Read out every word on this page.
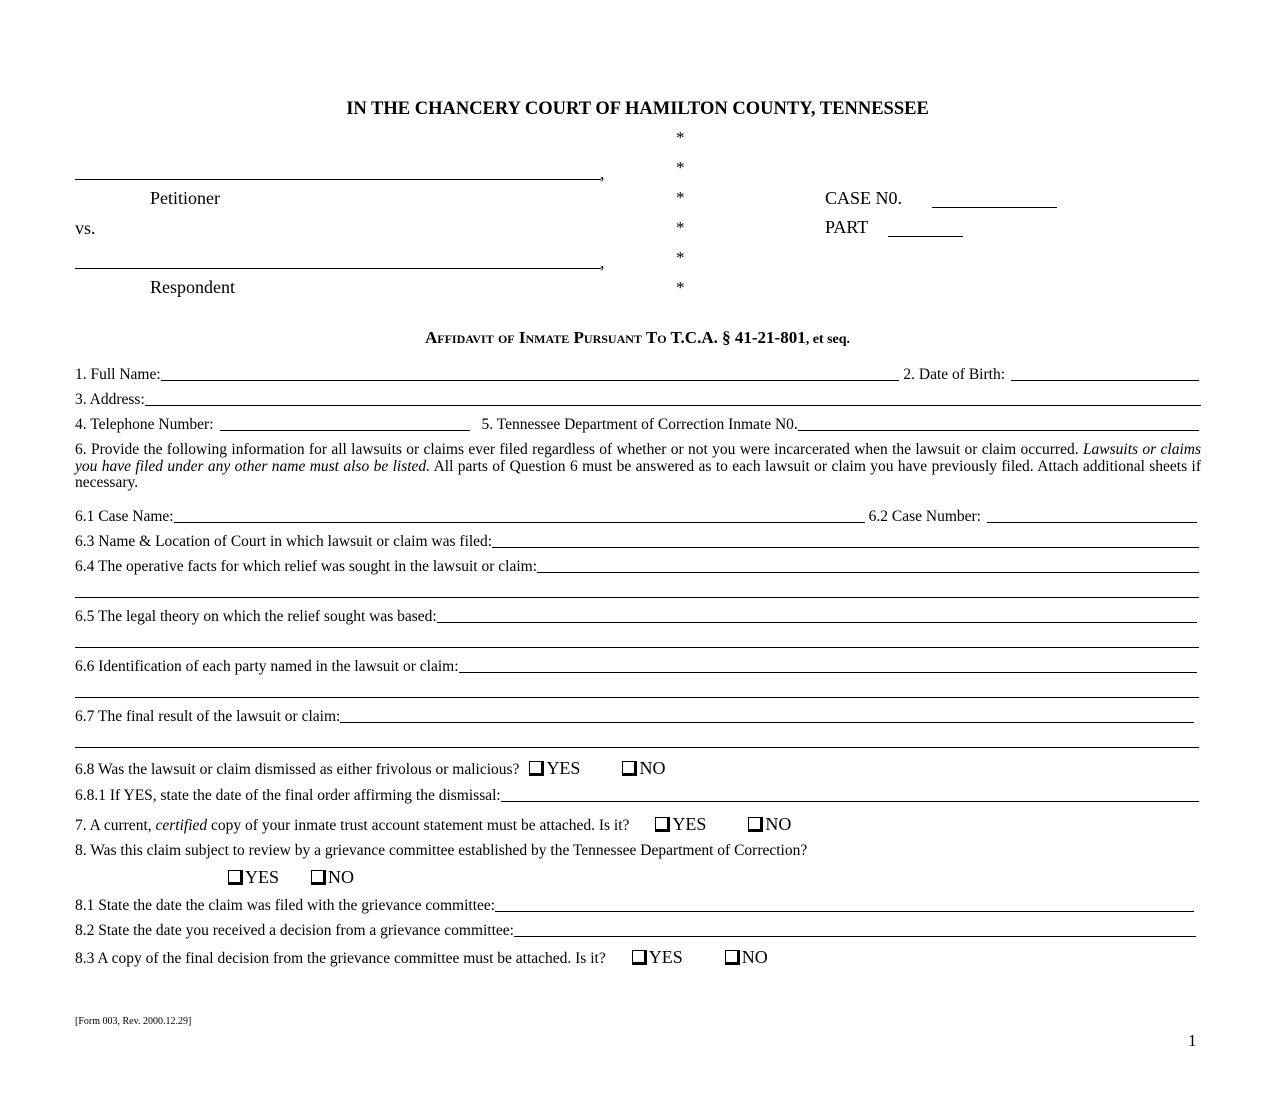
IN THE CHANCERY COURT OF HAMILTON COUNTY, TENNESSEE
*
*
*
*
*
*
,
Petitioner
vs.
,
Respondent
CASE N0.
PART
Affidavit of Inmate Pursuant To T.C.A. § 41-21-801, et seq.
1. Full Name:	2. Date of Birth:
3. Address:
4. Telephone Number:	5. Tennessee Department of Correction Inmate N0.
6. Provide the following information for all lawsuits or claims ever filed regardless of whether or not you were incarcerated when the lawsuit or claim occurred. Lawsuits or claims you have filed under any other name must also be listed. All parts of Question 6 must be answered as to each lawsuit or claim you have previously filed. Attach additional sheets if necessary.
6.1 Case Name:	6.2 Case Number:
6.3 Name & Location of Court in which lawsuit or claim was filed:
6.4 The operative facts for which relief was sought in the lawsuit or claim:
6.5 The legal theory on which the relief sought was based:
6.6 Identification of each party named in the lawsuit or claim:
6.7 The final result of the lawsuit or claim:
6.8 Was the lawsuit or claim dismissed as either frivolous or malicious? YES	NO
6.8.1 If YES, state the date of the final order affirming the dismissal:
7. A current, certified copy of your inmate trust account statement must be attached. Is it? YES	NO
8. Was this claim subject to review by a grievance committee established by the Tennessee Department of Correction?
YES	NO
8.1 State the date the claim was filed with the grievance committee:
8.2 State the date you received a decision from a grievance committee:
8.3 A copy of the final decision from the grievance committee must be attached. Is it? YES	NO
[Form 003, Rev. 2000.12.29]
1
